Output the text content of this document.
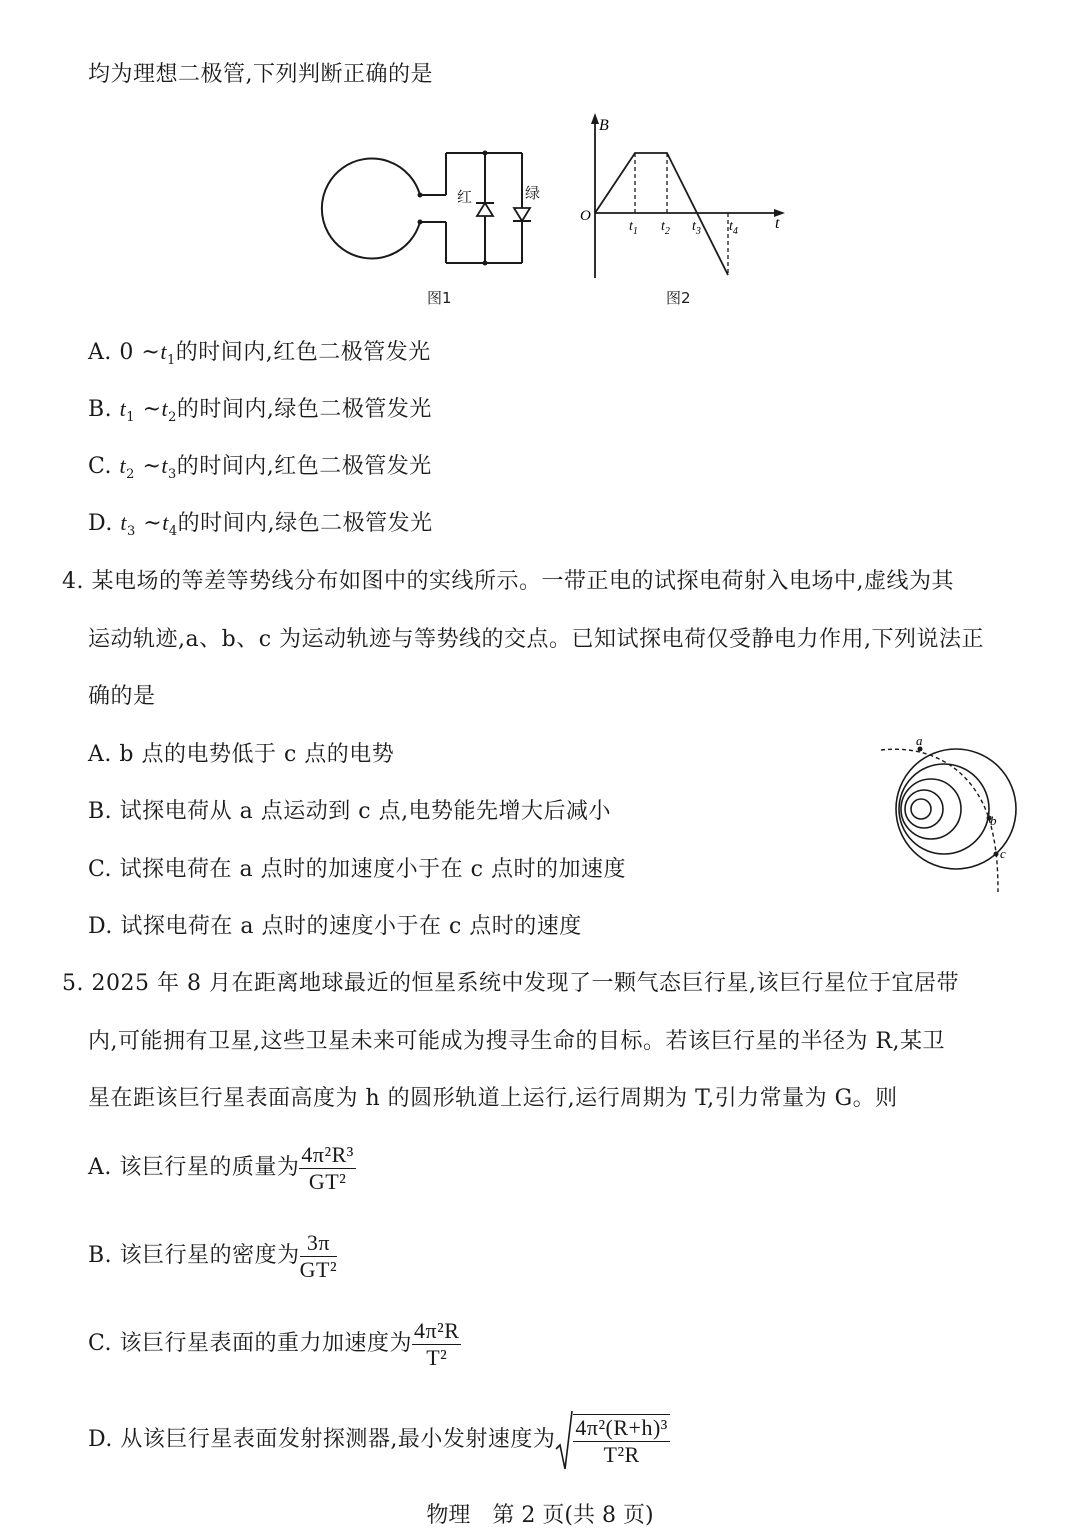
均为理想二极管,下列判断正确的是
红	绿
图1
B
t
O
$t_1$ $t_2$ $t_3$ $t_4$
图2
A. 0 $\sim t_1$的时间内,红色二极管发光
B. $t_1$ $\sim t_2$的时间内,绿色二极管发光
C. $t_2$ $\sim t_3$的时间内,红色二极管发光
D. $t_3$ $\sim t_4$的时间内,绿色二极管发光
4. 某电场的等差等势线分布如图中的实线所示。一带正电的试探电荷射入电场中,虚线为其
运动轨迹,a、b、c 为运动轨迹与等势线的交点。已知试探电荷仅受静电力作用,下列说法正
确的是
A. b 点的电势低于 c 点的电势
B. 试探电荷从 a 点运动到 c 点,电势能先增大后减小
C. 试探电荷在 a 点时的加速度小于在 c 点时的加速度
D. 试探电荷在 a 点时的速度小于在 c 点时的速度
a
b
c
5. 2025 年 8 月在距离地球最近的恒星系统中发现了一颗气态巨行星,该巨行星位于宜居带
内,可能拥有卫星,这些卫星未来可能成为搜寻生命的目标。若该巨行星的半径为 R,某卫
星在距该巨行星表面高度为 h 的圆形轨道上运行,运行周期为 T,引力常量为 G。则
A. 该巨行星的质量为 $\frac{\text{4π²R³}}{\text{GT²}}$
B. 该巨行星的密度为 $\frac{3\pi}{\text{GT²}}$
C. 该巨行星表面的重力加速度为 $\frac{\text{4π²R}}{\text{T²}}$
D. 从该巨行星表面发射探测器,最小发射速度为 $\frac{\text{4π²(R+h)³}}{\text{T²R}}$
物理　第 2 页(共 8 页)
